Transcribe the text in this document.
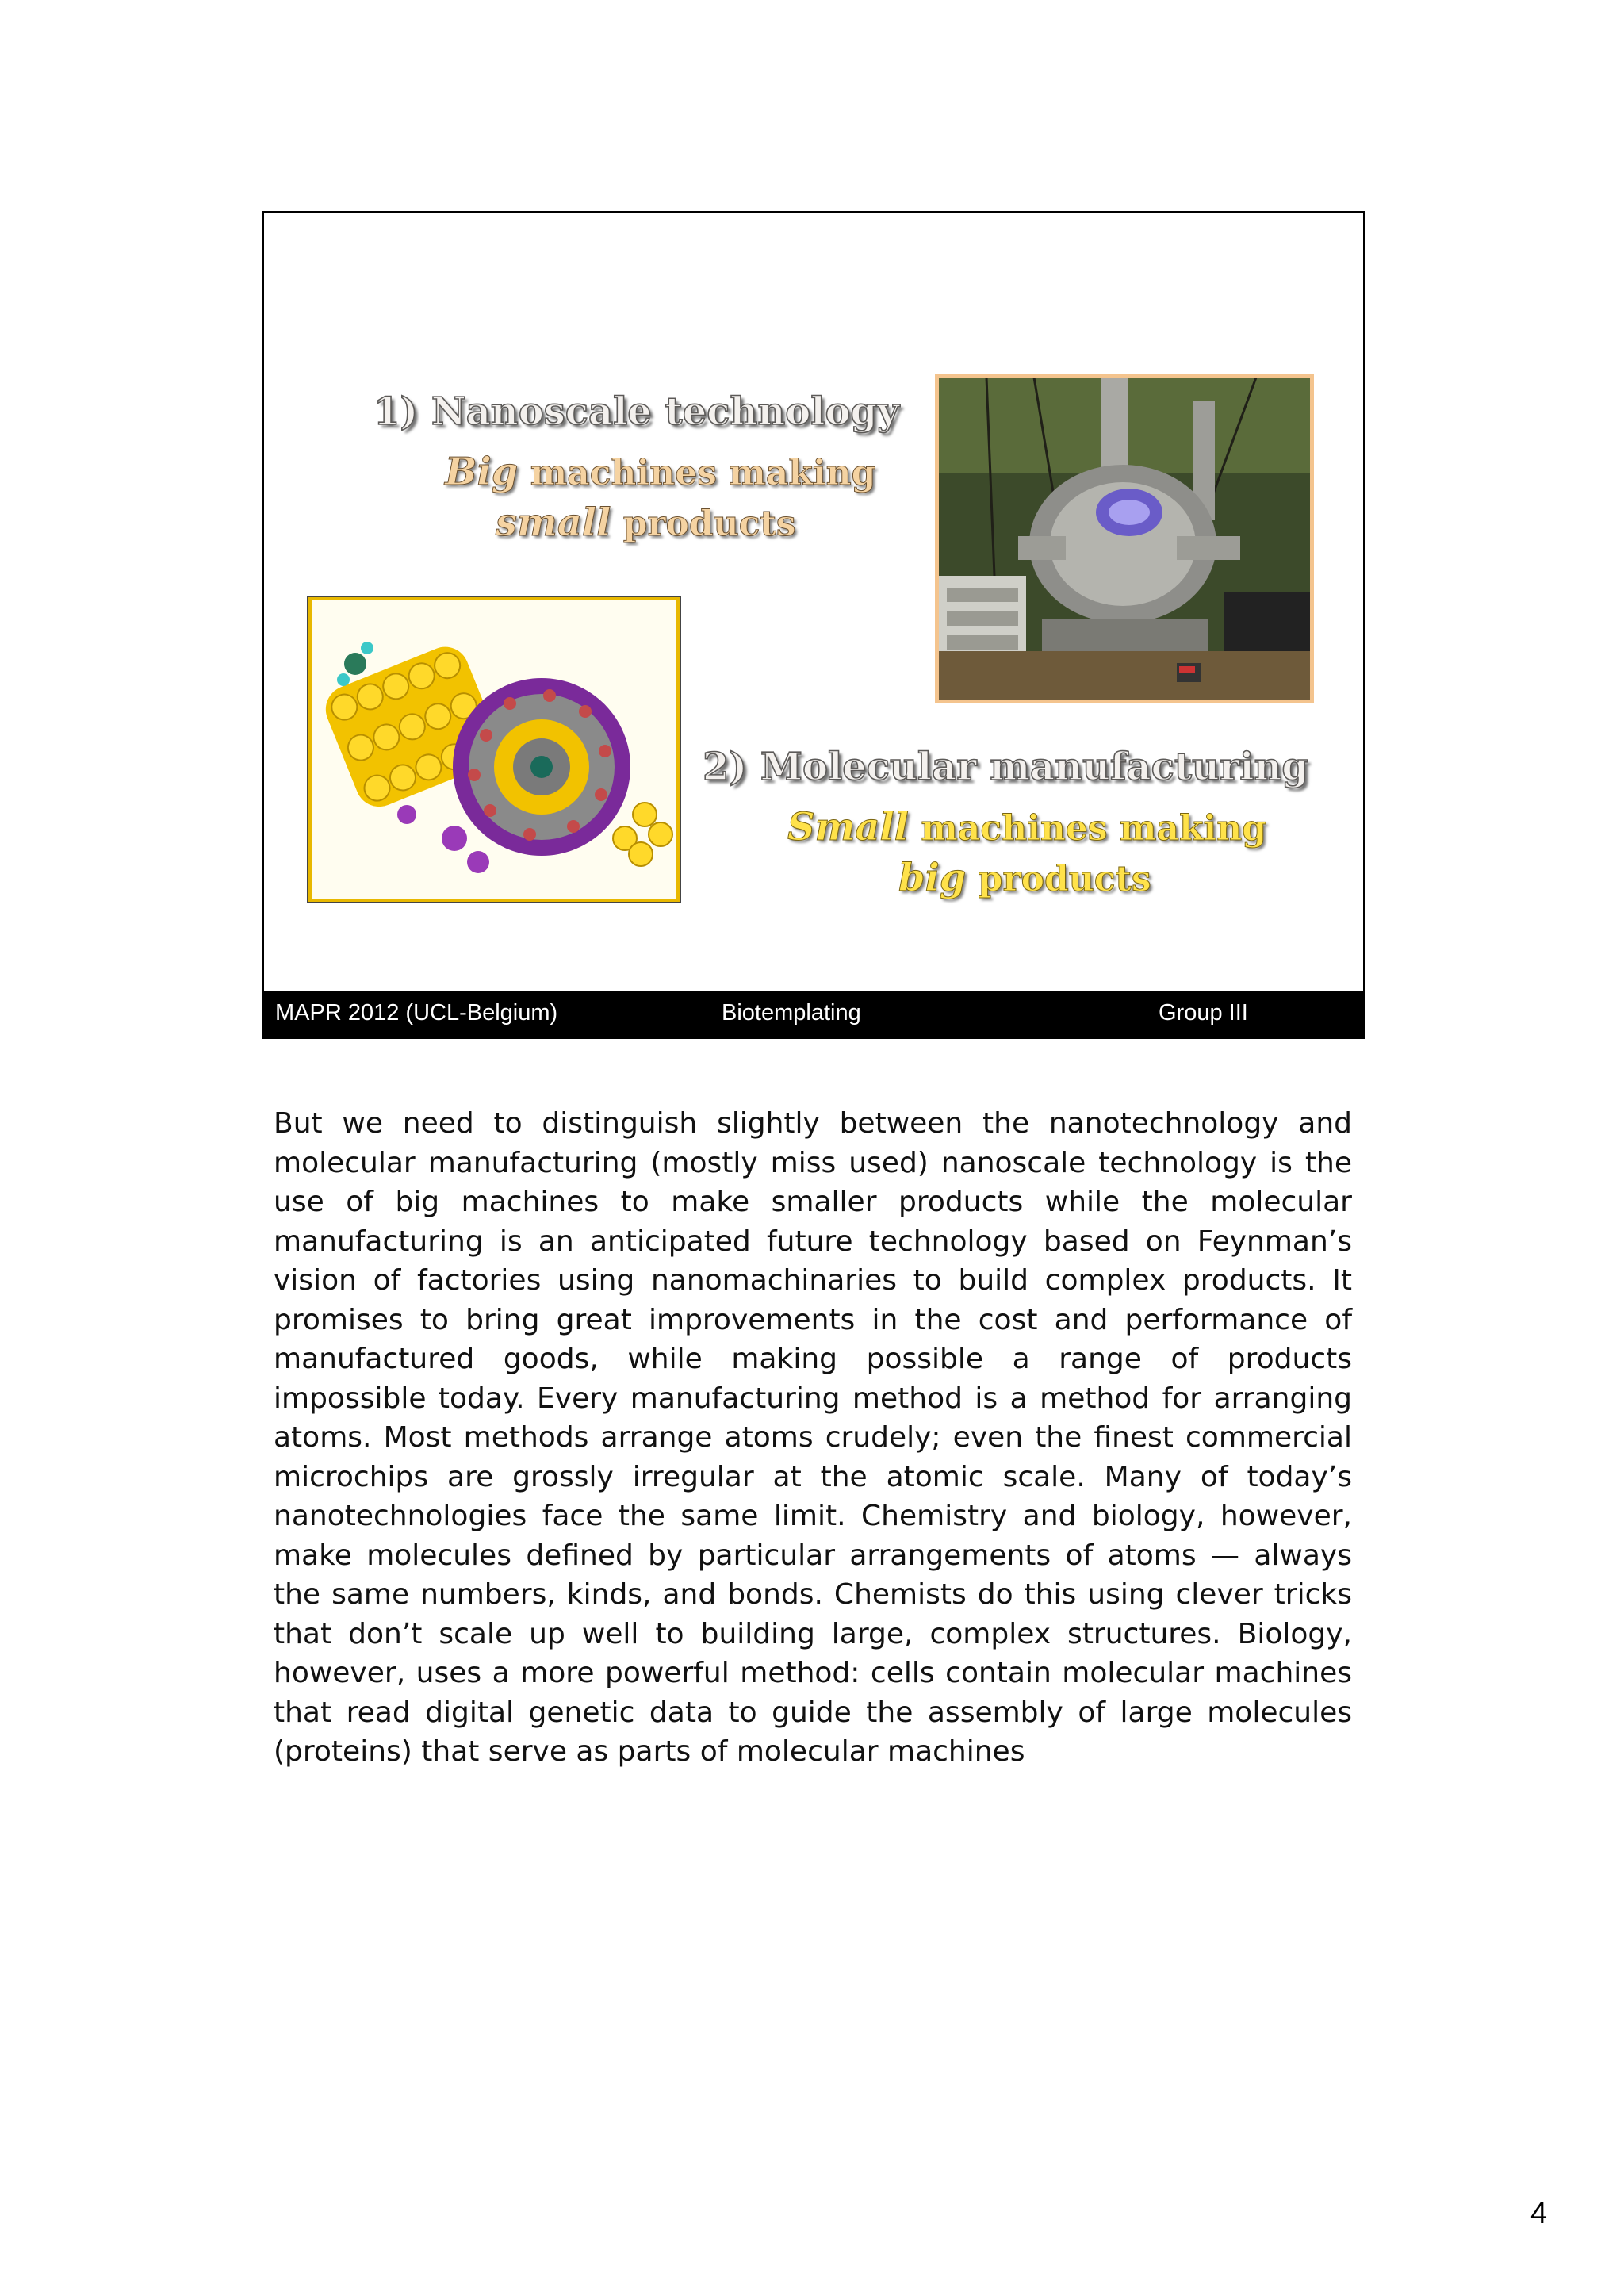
1) Nanoscale technology

Big machines making

small products

2) Molecular manufacturing

Small machines making

big products

MAPR 2012 (UCL-Belgium)	Biotemplating	Group III

But we need to distinguish slightly between the nanotechnology and molecular manufacturing (mostly miss used) nanoscale technology is the use of big machines to make smaller products while the molecular manufacturing is an anticipated future technology based on Feynman’s vision of factories using nanomachinaries to build complex products. It promises to bring great improvements in the cost and performance of manufactured goods, while making possible a range of products impossible today. Every manufacturing method is a method for arranging atoms. Most methods arrange atoms crudely; even the finest commercial microchips are grossly irregular at the atomic scale. Many of today’s nanotechnologies face the same limit. Chemistry and biology, however, make molecules defined by particular arrangements of atoms — always the same numbers, kinds, and bonds. Chemists do this using clever tricks that don’t scale up well to building large, complex structures. Biology, however, uses a more powerful method: cells contain molecular machines that read digital genetic data to guide the assembly of large molecules (proteins) that serve as parts of molecular machines

4
